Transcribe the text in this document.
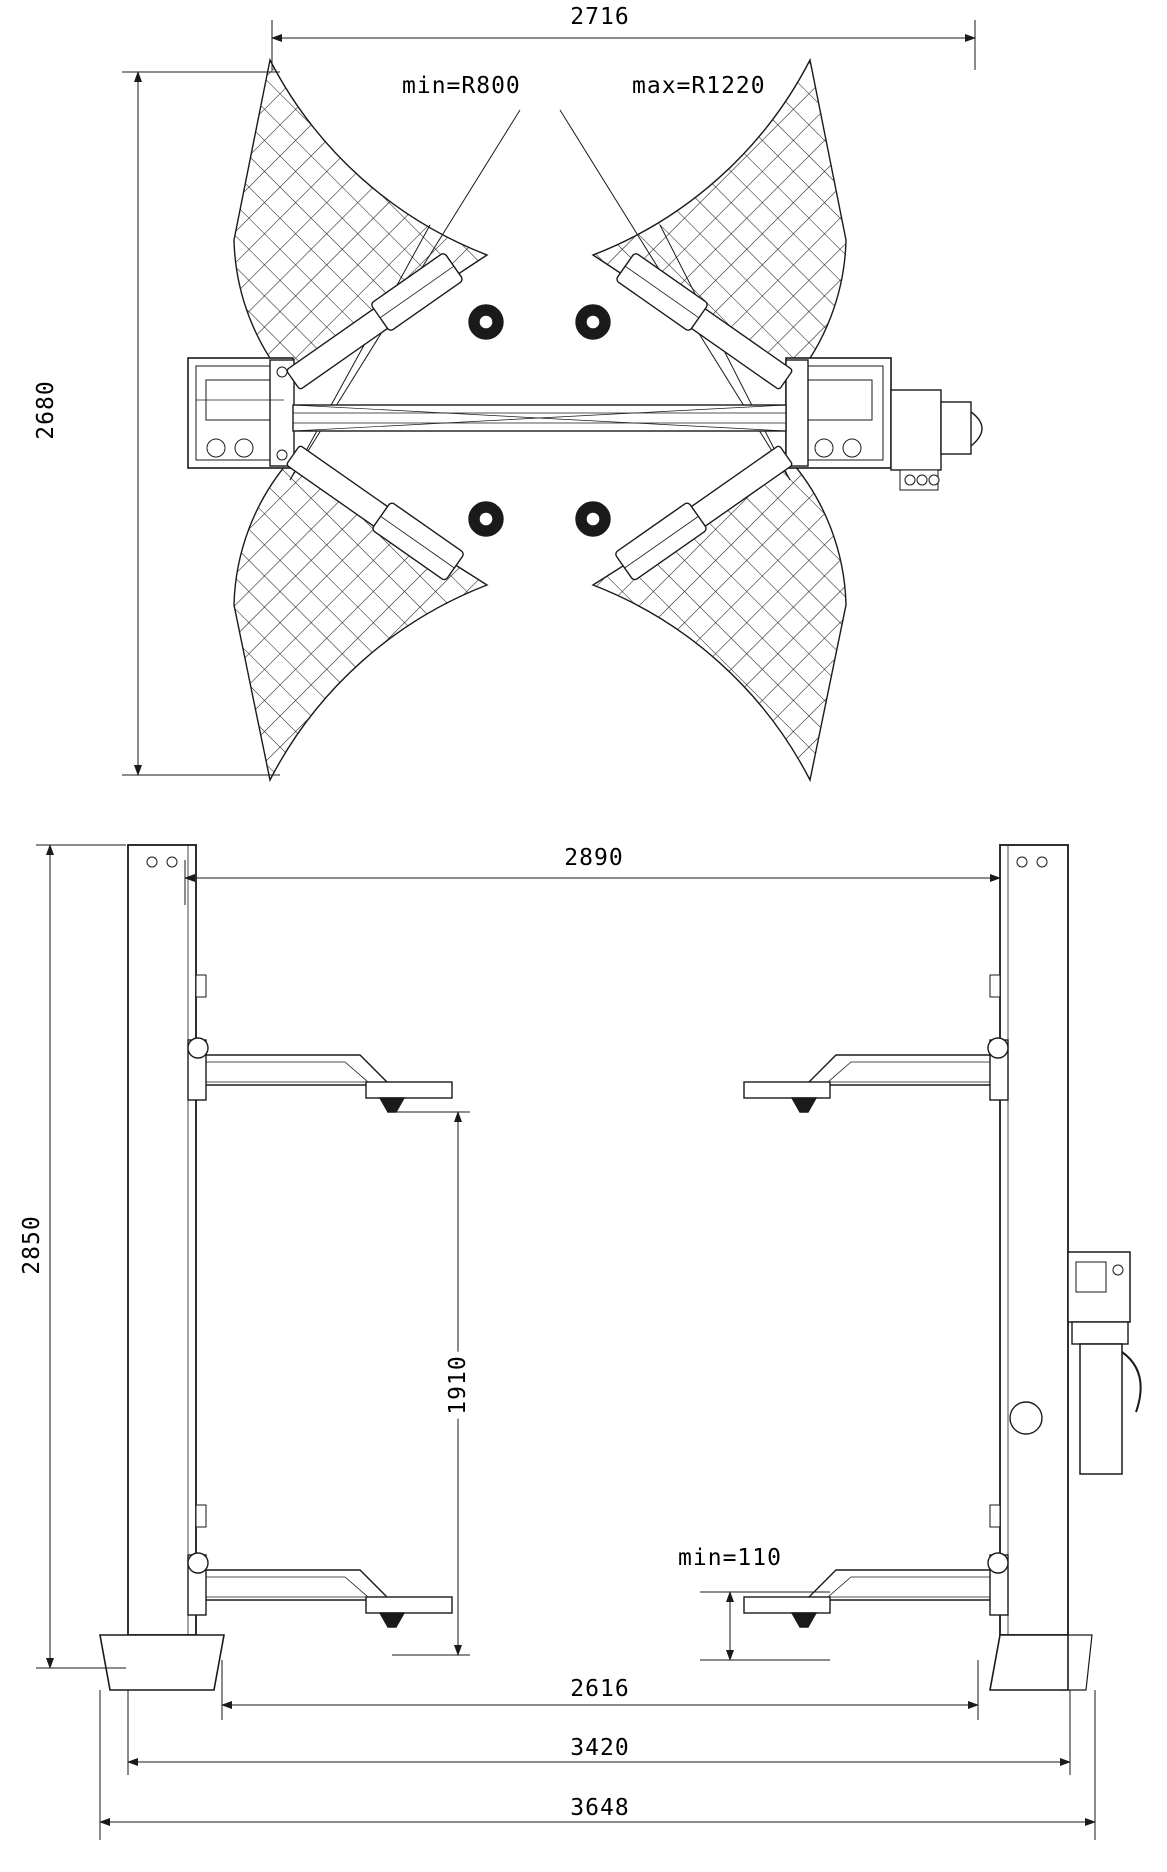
2716
2680
min=R800	max=R1220
2890
2850
1910
2616
3420
3648
min=110
